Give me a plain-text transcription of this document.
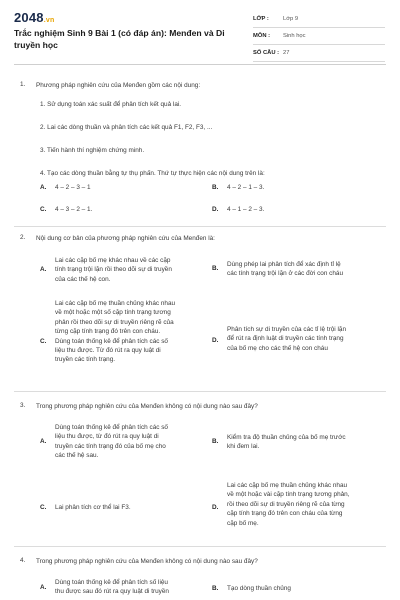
2048.vn
Trắc nghiệm Sinh 9 Bài 1 (có đáp án): Menđen và Di truyền học
LỚP :	Lớp 9
MÔN :	Sinh học
SỐ CÂU : 27
1. Phương pháp nghiên cứu của Menđen gồm các nội dung:
1. Sử dụng toán xác suất để phân tích kết quả lai.
2. Lai các dòng thuần và phân tích các kết quả F1, F2, F3, ...
3. Tiến hành thí nghiệm chứng minh.
4. Tạo các dòng thuần bằng tự thụ phấn. Thứ tự thực hiện các nội dung trên là:
A. 4 – 2 – 3 – 1	B. 4 – 2 – 1 – 3.
C. 4 – 3 – 2 – 1.	D. 4 – 1 – 2 – 3.
2. Nội dung cơ bản của phương pháp nghiên cứu của Menđen là:
A.
Lai các cặp bố mẹ khác nhau về các cặp
tính trạng trội lặn rồi theo dõi sự di truyền
của các thế hệ con.
B.
Dùng phép lai phân tích để xác định tỉ lệ
các tính trạng trội lặn ở các đời con cháu
C.
Lai các cặp bố mẹ thuần chủng khác nhau
về một hoặc một số cặp tính trạng tương
phản rồi theo dõi sự di truyền riêng rẽ của
từng cặp tính trạng đó trên con cháu.
Dùng toán thống kê để phân tích các số
liệu thu được. Từ đó rút ra quy luật di
truyền các tính trạng.
D.
Phân tích sự di truyền của các tỉ lệ trội lặn
để rút ra định luật di truyền các tính trạng
của bố mẹ cho các thế hệ con cháu
3. Trong phương pháp nghiên cứu của Menđen không có nội dung nào sau đây?
A.
Dùng toán thống kê để phân tích các số
liệu thu được, từ đó rút ra quy luật di
truyền các tính trạng đó của bố mẹ cho
các thế hệ sau.
B.
Kiểm tra độ thuần chủng của bố mẹ trước
khi đem lai.
C. Lai phân tích cơ thể lai F3.	D.
Lai các cặp bố mẹ thuần chủng khác nhau
về một hoặc vài cặp tính trạng tương phản,
rồi theo dõi sự di truyền riêng rẽ của từng
cặp tính trạng đó trên con cháu của từng
cặp bố mẹ.
4. Trong phương pháp nghiên cứu của Menđen không có nội dung nào sau đây?
A.
Dùng toán thống kê để phân tích số liệu
thu được sau đó rút ra quy luật di truyền	B. Tạo dòng thuần chủng
